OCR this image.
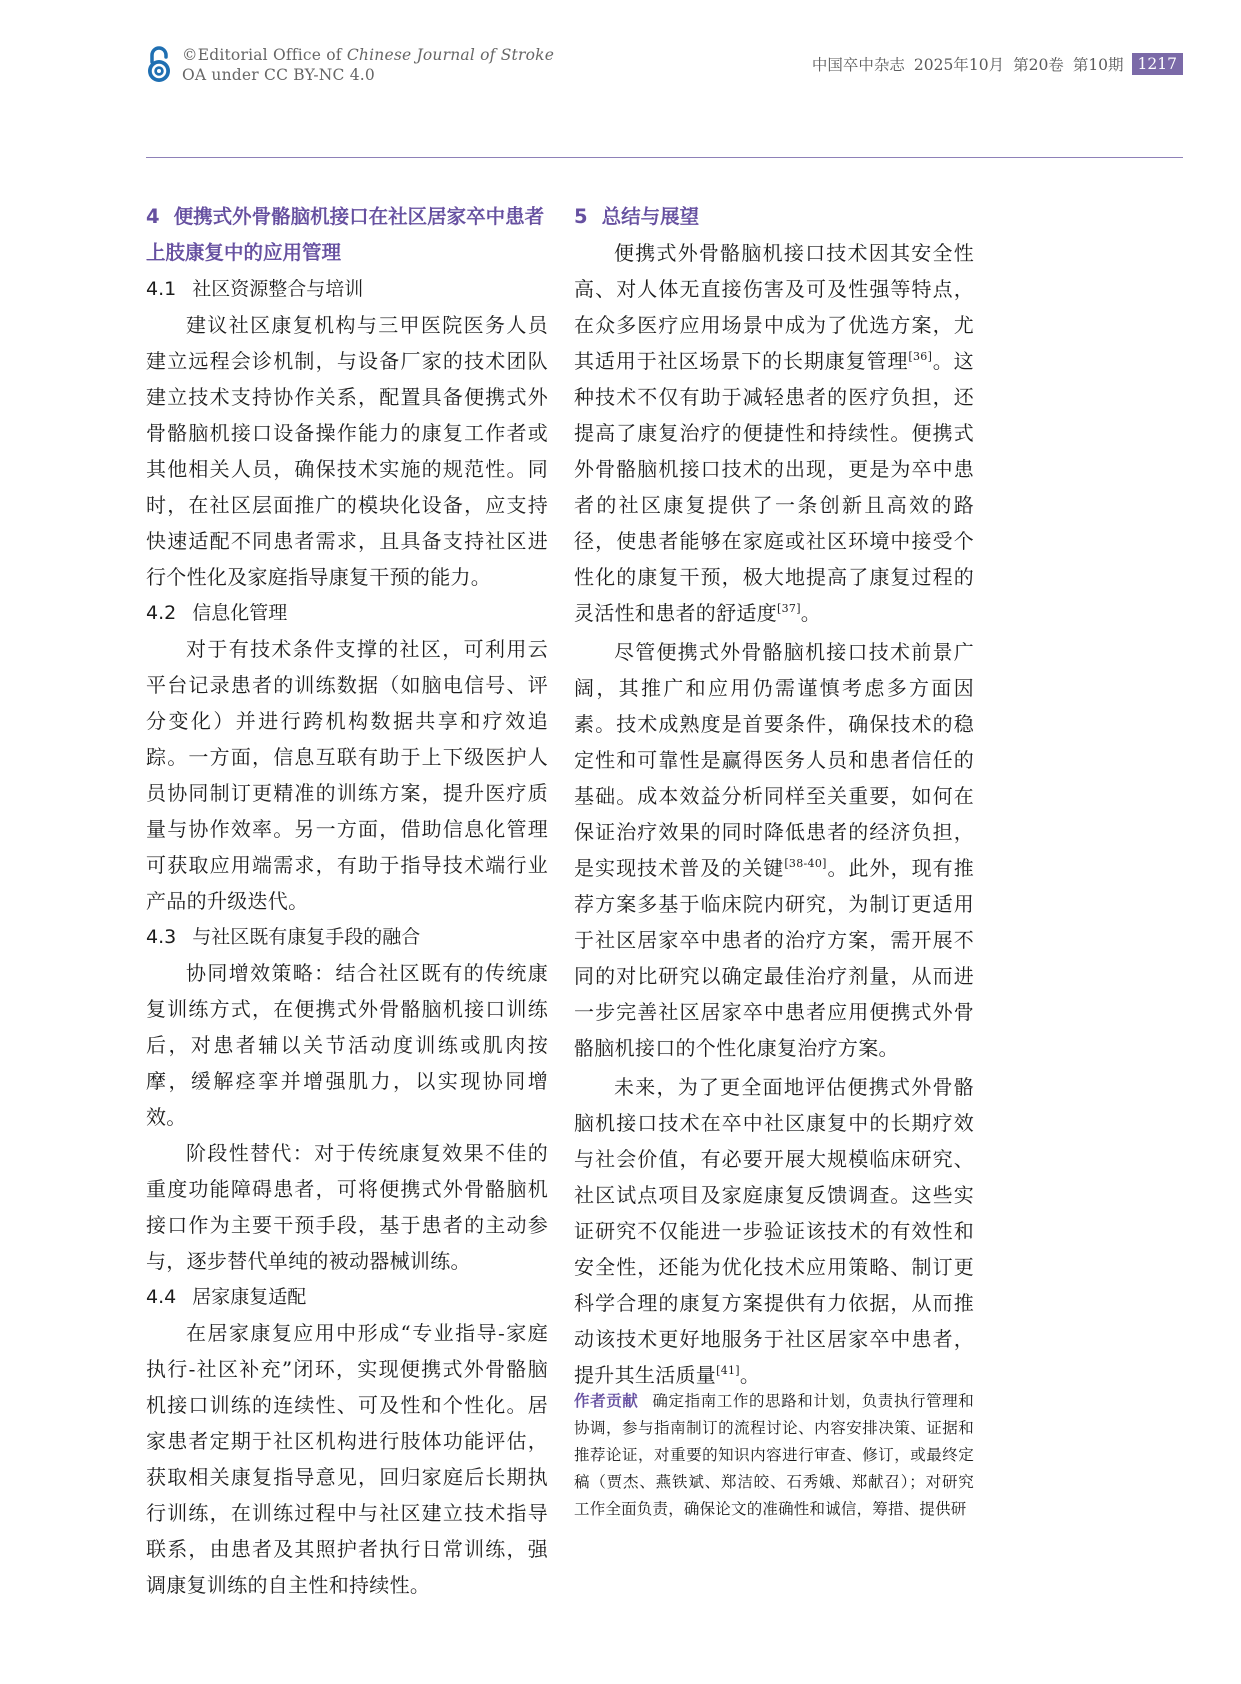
©Editorial Office of Chinese Journal of Stroke
OA under CC BY-NC 4.0
中国卒中杂志 2025年10月 第20卷 第10期 1217
4 便携式外骨骼脑机接口在社区居家卒中患者上肢康复中的应用管理
4.1 社区资源整合与培训

建议社区康复机构与三甲医院医务人员建立远程会诊机制，与设备厂家的技术团队建立技术支持协作关系，配置具备便携式外骨骼脑机接口设备操作能力的康复工作者或其他相关人员，确保技术实施的规范性。同时，在社区层面推广的模块化设备，应支持快速适配不同患者需求，且具备支持社区进行个性化及家庭指导康复干预的能力。

4.2 信息化管理

对于有技术条件支撑的社区，可利用云平台记录患者的训练数据（如脑电信号、评分变化）并进行跨机构数据共享和疗效追踪。一方面，信息互联有助于上下级医护人员协同制订更精准的训练方案，提升医疗质量与协作效率。另一方面，借助信息化管理可获取应用端需求，有助于指导技术端行业产品的升级迭代。

4.3 与社区既有康复手段的融合

协同增效策略：结合社区既有的传统康复训练方式，在便携式外骨骼脑机接口训练后，对患者辅以关节活动度训练或肌肉按摩，缓解痉挛并增强肌力，以实现协同增效。

阶段性替代：对于传统康复效果不佳的重度功能障碍患者，可将便携式外骨骼脑机接口作为主要干预手段，基于患者的主动参与，逐步替代单纯的被动器械训练。

4.4 居家康复适配

在居家康复应用中形成“专业指导-家庭执行-社区补充”闭环，实现便携式外骨骼脑机接口训练的连续性、可及性和个性化。居家患者定期于社区机构进行肢体功能评估，获取相关康复指导意见，回归家庭后长期执行训练，在训练过程中与社区建立技术指导联系，由患者及其照护者执行日常训练，强调康复训练的自主性和持续性。

5 总结与展望

便携式外骨骼脑机接口技术因其安全性高、对人体无直接伤害及可及性强等特点，在众多医疗应用场景中成为了优选方案，尤其适用于社区场景下的长期康复管理[36]。这种技术不仅有助于减轻患者的医疗负担，还提高了康复治疗的便捷性和持续性。便携式外骨骼脑机接口技术的出现，更是为卒中患者的社区康复提供了一条创新且高效的路径，使患者能够在家庭或社区环境中接受个性化的康复干预，极大地提高了康复过程的灵活性和患者的舒适度[37]。

尽管便携式外骨骼脑机接口技术前景广阔，其推广和应用仍需谨慎考虑多方面因素。技术成熟度是首要条件，确保技术的稳定性和可靠性是赢得医务人员和患者信任的基础。成本效益分析同样至关重要，如何在保证治疗效果的同时降低患者的经济负担，是实现技术普及的关键[38-40]。此外，现有推荐方案多基于临床院内研究，为制订更适用于社区居家卒中患者的治疗方案，需开展不同的对比研究以确定最佳治疗剂量，从而进一步完善社区居家卒中患者应用便携式外骨骼脑机接口的个性化康复治疗方案。

未来，为了更全面地评估便携式外骨骼脑机接口技术在卒中社区康复中的长期疗效与社会价值，有必要开展大规模临床研究、社区试点项目及家庭康复反馈调查。这些实证研究不仅能进一步验证该技术的有效性和安全性，还能为优化技术应用策略、制订更科学合理的康复方案提供有力依据，从而推动该技术更好地服务于社区居家卒中患者，提升其生活质量[41]。

作者贡献 确定指南工作的思路和计划，负责执行管理和协调，参与指南制订的流程讨论、内容安排决策、证据和推荐论证，对重要的知识内容进行审查、修订，或最终定稿（贾杰、燕铁斌、郑洁皎、石秀娥、郑献召）；对研究工作全面负责，确保论文的准确性和诚信，筹措、提供研
